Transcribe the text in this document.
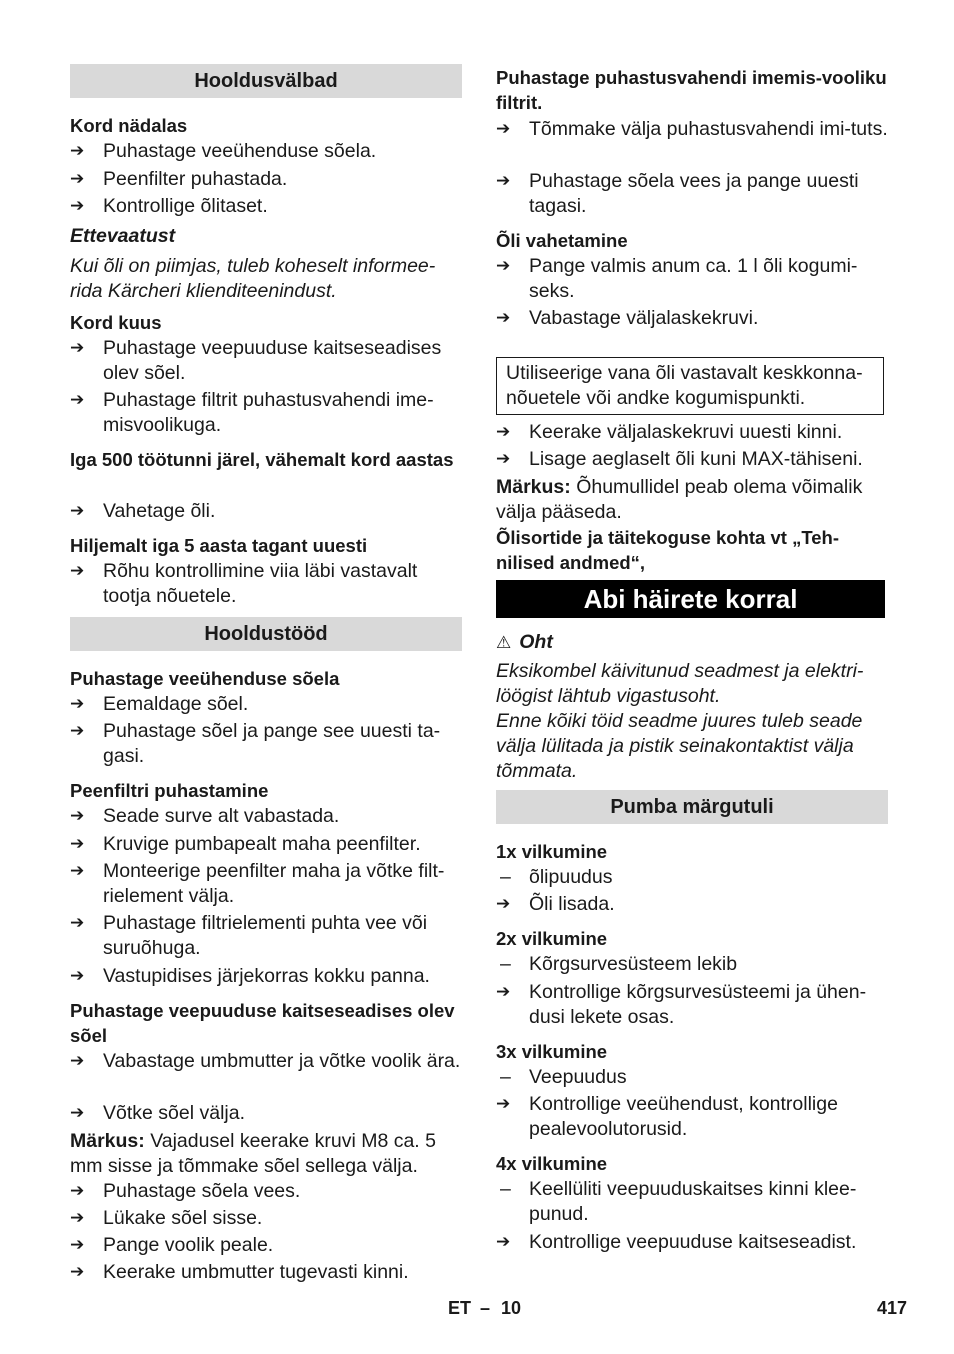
Hooldusvälbad
Kord nädalas
➔ Puhastage veeühenduse sõela.
➔ Peenfilter puhastada.
➔ Kontrollige õlitaset.
Ettevaatust
Kui õli on piimjas, tuleb koheselt informee-rida Kärcheri klienditeenindust.
Kord kuus
➔ Puhastage veepuuduse kaitseseadises olev sõel.
➔ Puhastage filtrit puhastusvahendi ime-misvoolikuga.
Iga 500 töötunni järel, vähemalt kord aastas
➔ Vahetage õli.
Hiljemalt iga 5 aasta tagant uuesti
➔ Rõhu kontrollimine viia läbi vastavalt tootja nõuetele.
Hooldustööd
Puhastage veeühenduse sõela
➔ Eemaldage sõel.
➔ Puhastage sõel ja pange see uuesti ta-gasi.
Peenfiltri puhastamine
➔ Seade surve alt vabastada.
➔ Kruvige pumbapealt maha peenfilter.
➔ Monteerige peenfilter maha ja võtke filt-rielement välja.
➔ Puhastage filtrielementi puhta vee või suruõhuga.
➔ Vastupidises järjekorras kokku panna.
Puhastage veepuuduse kaitseseadises olev sõel
➔ Vabastage umbmutter ja võtke voolik ära.
➔ Võtke sõel välja.
Märkus: Vajadusel keerake kruvi M8 ca. 5 mm sisse ja tõmmake sõel sellega välja.
➔ Puhastage sõela vees.
➔ Lükake sõel sisse.
➔ Pange voolik peale.
➔ Keerake umbmutter tugevasti kinni.
Puhastage puhastusvahendi imemis-vooliku filtrit.
➔ Tõmmake välja puhastusvahendi imi-tuts.
➔ Puhastage sõela vees ja pange uuesti tagasi.
Õli vahetamine
➔ Pange valmis anum ca. 1 l õli kogumi-seks.
➔ Vabastage väljalaskekruvi.
Utiliseerige vana õli vastavalt keskkonna-nõuetele või andke kogumispunkti.
➔ Keerake väljalaskekruvi uuesti kinni.
➔ Lisage aeglaselt õli kuni MAX-tähiseni.
Märkus: Õhumullidel peab olema võimalik välja pääseda.
Õlisortide ja täitekoguse kohta vt „Teh-nilised andmed“,
Abi häirete korral
⚠ Oht
Eksikombel käivitunud seadmest ja elektri-löögist lähtub vigastusoht.
Enne kõiki töid seadme juures tuleb seade välja lülitada ja pistik seinakontaktist välja tõmmata.
Pumba märgutuli
1x vilkumine
– õlipuudus
➔ Õli lisada.
2x vilkumine
– Kõrgsurvesüsteem lekib
➔ Kontrollige kõrgsurvesüsteemi ja ühen-dusi lekete osas.
3x vilkumine
– Veepuudus
➔ Kontrollige veeühendust, kontrollige pealevoolutorusid.
4x vilkumine
– Keellüliti veepuuduskaitses kinni klee-punud.
➔ Kontrollige veepuuduse kaitseseadist.
ET – 10	417
